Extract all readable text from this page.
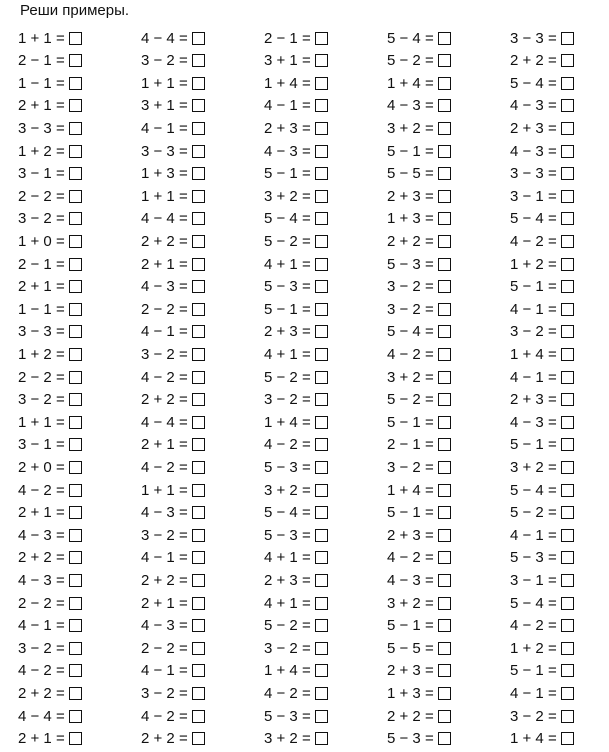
Реши примеры.
1 + 1 =
2 − 1 =
1 − 1 =
2 + 1 =
3 − 3 =
1 + 2 =
3 − 1 =
2 − 2 =
3 − 2 =
1 + 0 =
2 − 1 =
2 + 1 =
1 − 1 =
3 − 3 =
1 + 2 =
2 − 2 =
3 − 2 =
1 + 1 =
3 − 1 =
2 + 0 =
4 − 2 =
2 + 1 =
4 − 3 =
2 + 2 =
4 − 3 =
2 − 2 =
4 − 1 =
3 − 2 =
4 − 2 =
2 + 2 =
4 − 4 =
2 + 1 =
4 − 4 =
3 − 2 =
1 + 1 =
3 + 1 =
4 − 1 =
3 − 3 =
1 + 3 =
1 + 1 =
4 − 4 =
2 + 2 =
2 + 1 =
4 − 3 =
2 − 2 =
4 − 1 =
3 − 2 =
4 − 2 =
2 + 2 =
4 − 4 =
2 + 1 =
4 − 2 =
1 + 1 =
4 − 3 =
3 − 2 =
4 − 1 =
2 + 2 =
2 + 1 =
4 − 3 =
2 − 2 =
4 − 1 =
3 − 2 =
4 − 2 =
2 + 2 =
2 − 1 =
3 + 1 =
1 + 4 =
4 − 1 =
2 + 3 =
4 − 3 =
5 − 1 =
3 + 2 =
5 − 4 =
5 − 2 =
4 + 1 =
5 − 3 =
5 − 1 =
2 + 3 =
4 + 1 =
5 − 2 =
3 − 2 =
1 + 4 =
4 − 2 =
5 − 3 =
3 + 2 =
5 − 4 =
5 − 3 =
4 + 1 =
2 + 3 =
4 + 1 =
5 − 2 =
3 − 2 =
1 + 4 =
4 − 2 =
5 − 3 =
3 + 2 =
5 − 4 =
5 − 2 =
1 + 4 =
4 − 3 =
3 + 2 =
5 − 1 =
5 − 5 =
2 + 3 =
1 + 3 =
2 + 2 =
5 − 3 =
3 − 2 =
3 − 2 =
5 − 4 =
4 − 2 =
3 + 2 =
5 − 2 =
5 − 1 =
2 − 1 =
3 − 2 =
1 + 4 =
5 − 1 =
2 + 3 =
4 − 2 =
4 − 3 =
3 + 2 =
5 − 1 =
5 − 5 =
2 + 3 =
1 + 3 =
2 + 2 =
5 − 3 =
3 − 3 =
2 + 2 =
5 − 4 =
4 − 3 =
2 + 3 =
4 − 3 =
3 − 3 =
3 − 1 =
5 − 4 =
4 − 2 =
1 + 2 =
5 − 1 =
4 − 1 =
3 − 2 =
1 + 4 =
4 − 1 =
2 + 3 =
4 − 3 =
5 − 1 =
3 + 2 =
5 − 4 =
5 − 2 =
4 − 1 =
5 − 3 =
3 − 1 =
5 − 4 =
4 − 2 =
1 + 2 =
5 − 1 =
4 − 1 =
3 − 2 =
1 + 4 =
